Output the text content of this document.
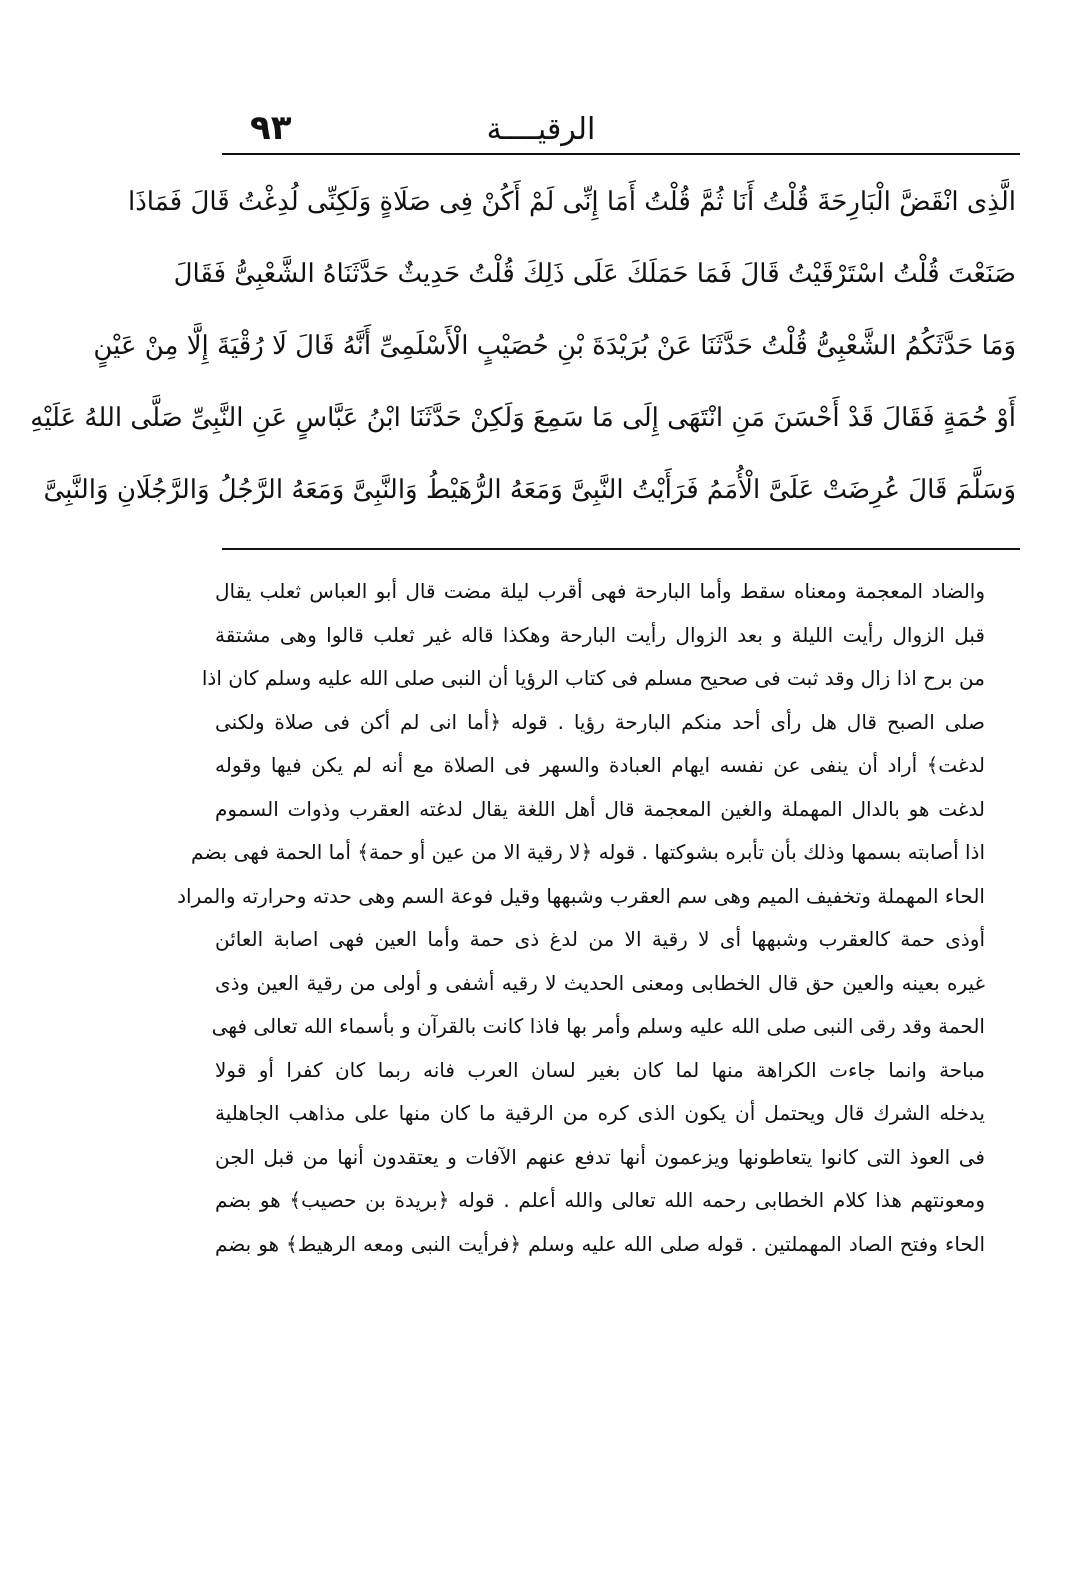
٩٣	الرقيــــة
الَّذِى انْقَضَّ الْبَارِحَةَ قُلْتُ أَنَا ثُمَّ قُلْتُ أَمَا إِنِّى لَمْ أَكُنْ فِى صَلَاةٍ وَلَكِنِّى لُدِغْتُ قَالَ فَمَاذَا
صَنَعْتَ قُلْتُ اسْتَرْقَيْتُ قَالَ فَمَا حَمَلَكَ عَلَى ذَلِكَ قُلْتُ حَدِيثٌ حَدَّثَنَاهُ الشَّعْبِىُّ فَقَالَ
وَمَا حَدَّثَكُمُ الشَّعْبِىُّ قُلْتُ حَدَّثَنَا عَنْ بُرَيْدَةَ بْنِ حُصَيْبٍ الْأَسْلَمِىِّ أَنَّهُ قَالَ لَا رُقْيَةَ إِلَّا مِنْ عَيْنٍ
أَوْ حُمَةٍ فَقَالَ قَدْ أَحْسَنَ مَنِ انْتَهَى إِلَى مَا سَمِعَ وَلَكِنْ حَدَّثَنَا ابْنُ عَبَّاسٍ عَنِ النَّبِىِّ صَلَّى اللهُ عَلَيْهِ
وَسَلَّمَ قَالَ عُرِضَتْ عَلَىَّ الْأُمَمُ فَرَأَيْتُ النَّبِىَّ وَمَعَهُ الرُّهَيْطُ وَالنَّبِىَّ وَمَعَهُ الرَّجُلُ وَالرَّجُلَانِ وَالنَّبِىَّ
والضاد المعجمة ومعناه سقط وأما البارحة فهى أقرب ليلة مضت قال أبو العباس ثعلب يقال
قبل الزوال رأيت الليلة و بعد الزوال رأيت البارحة وهكذا قاله غير ثعلب قالوا وهى مشتقة
من برح اذا زال وقد ثبت فى صحيح مسلم فى كتاب الرؤيا أن النبى صلى الله عليه وسلم كان اذا
صلى الصبح قال هل رأى أحد منكم البارحة رؤيا . قوله ﴿أما انى لم أكن فى صلاة ولكنى
لدغت﴾ أراد أن ينفى عن نفسه ايهام العبادة والسهر فى الصلاة مع أنه لم يكن فيها وقوله
لدغت هو بالدال المهملة والغين المعجمة قال أهل اللغة يقال لدغته العقرب وذوات السموم
اذا أصابته بسمها وذلك بأن تأبره بشوكتها . قوله ﴿لا رقية الا من عين أو حمة﴾ أما الحمة فهى بضم
الحاء المهملة وتخفيف الميم وهى سم العقرب وشبهها وقيل فوعة السم وهى حدته وحرارته والمراد
أوذى حمة كالعقرب وشبهها أى لا رقية الا من لدغ ذى حمة وأما العين فهى اصابة العائن
غيره بعينه والعين حق قال الخطابى ومعنى الحديث لا رقيه أشفى و أولى من رقية العين وذى
الحمة وقد رقى النبى صلى الله عليه وسلم وأمر بها فاذا كانت بالقرآن و بأسماء الله تعالى فهى
مباحة وانما جاءت الكراهة منها لما كان بغير لسان العرب فانه ربما كان كفرا أو قولا
يدخله الشرك قال ويحتمل أن يكون الذى كره من الرقية ما كان منها على مذاهب الجاهلية
فى العوذ التى كانوا يتعاطونها ويزعمون أنها تدفع عنهم الآفات و يعتقدون أنها من قبل الجن
ومعونتهم هذا كلام الخطابى رحمه الله تعالى والله أعلم . قوله ﴿بريدة بن حصيب﴾ هو بضم
الحاء وفتح الصاد المهملتين . قوله صلى الله عليه وسلم ﴿فرأيت النبى ومعه الرهيط﴾ هو بضم
